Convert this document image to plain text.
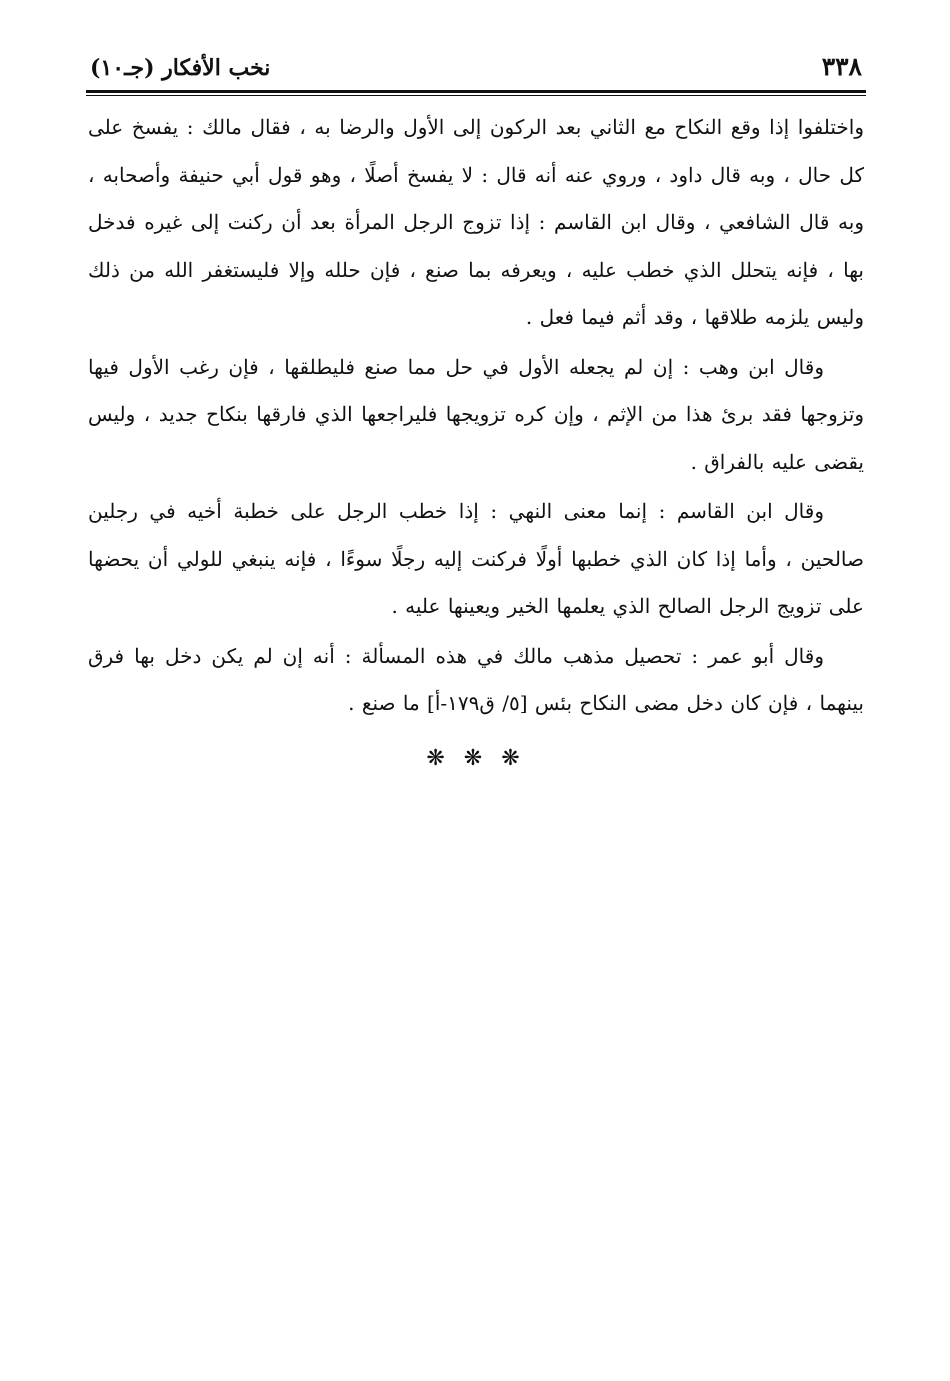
٣٣٨
نخب الأفكار (جـ١٠)

واختلفوا إذا وقع النكاح مع الثاني بعد الركون إلى الأول والرضا به ، فقال مالك : يفسخ على كل حال ، وبه قال داود ، وروي عنه أنه قال : لا يفسخ أصلًا ، وهو قول أبي حنيفة وأصحابه ، وبه قال الشافعي ، وقال ابن القاسم : إذا تزوج الرجل المرأة بعد أن ركنت إلى غيره فدخل بها ، فإنه يتحلل الذي خطب عليه ، ويعرفه بما صنع ، فإن حلله وإلا فليستغفر الله من ذلك وليس يلزمه طلاقها ، وقد أثم فيما فعل .

وقال ابن وهب : إن لم يجعله الأول في حل مما صنع فليطلقها ، فإن رغب الأول فيها وتزوجها فقد برئ هذا من الإثم ، وإن كره تزويجها فليراجعها الذي فارقها بنكاح جديد ، وليس يقضى عليه بالفراق .

وقال ابن القاسم : إنما معنى النهي : إذا خطب الرجل على خطبة أخيه في رجلين صالحين ، وأما إذا كان الذي خطبها أولًا فركنت إليه رجلًا سوءًا ، فإنه ينبغي للولي أن يحضها على تزويج الرجل الصالح الذي يعلمها الخير ويعينها عليه .

وقال أبو عمر : تحصيل مذهب مالك في هذه المسألة : أنه إن لم يكن دخل بها فرق بينهما ، فإن كان دخل مضى النكاح بئس [٥/ ق١٧٩-أ] ما صنع .

❋ ❋ ❋
